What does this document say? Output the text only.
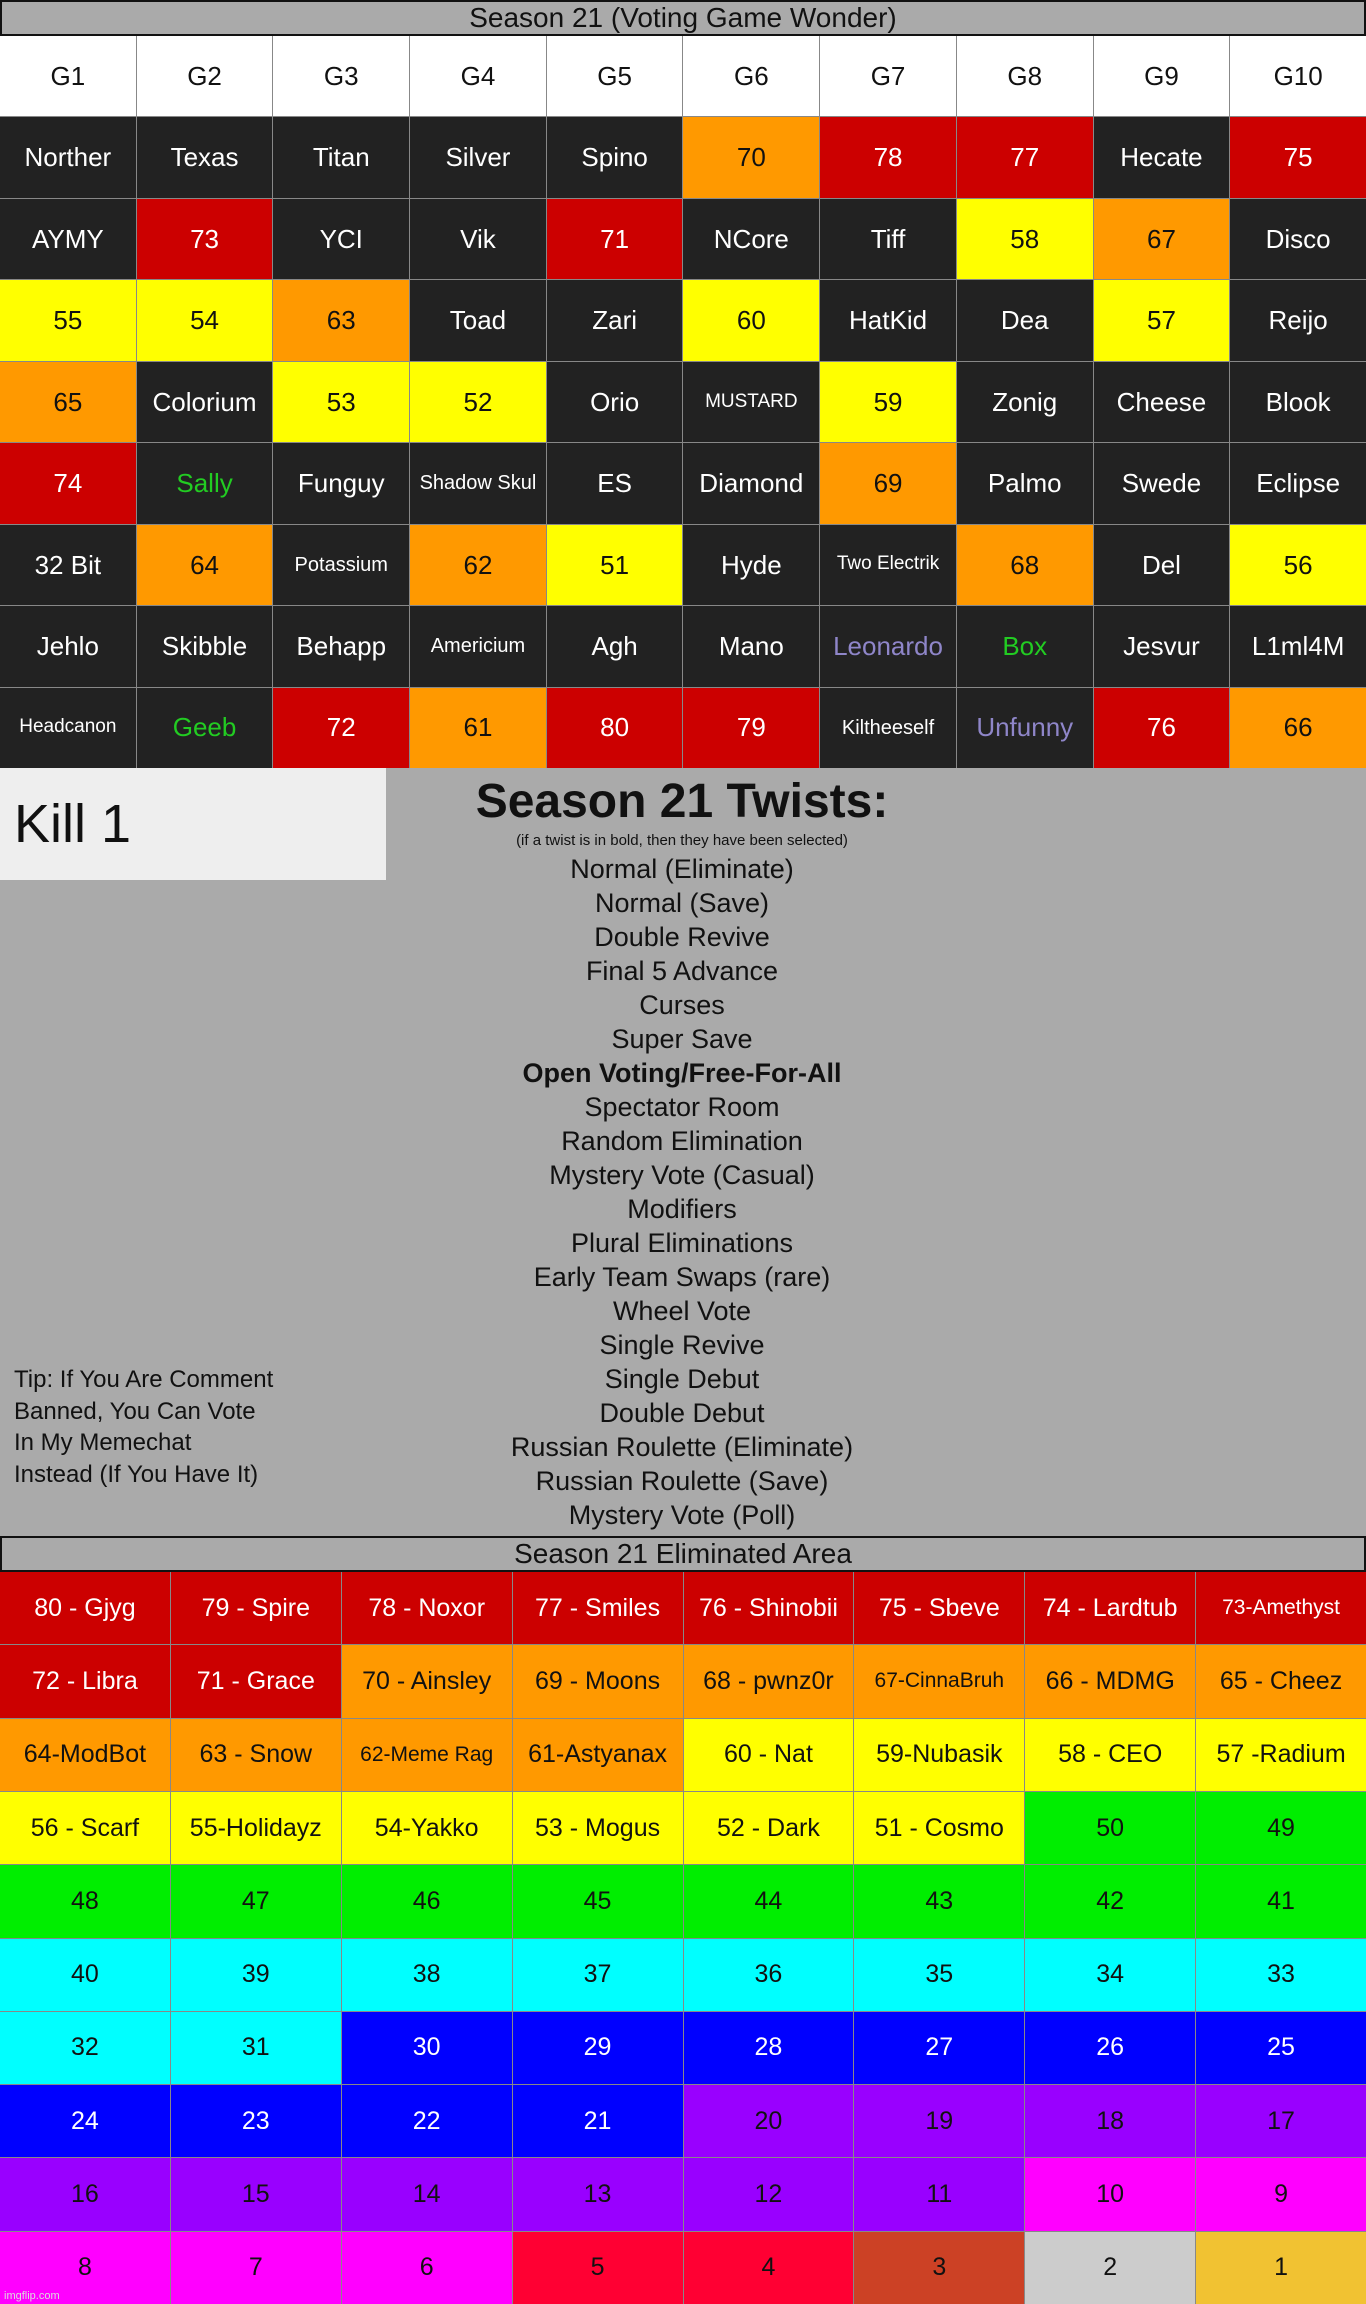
Season 21 (Voting Game Wonder)
G1	G2	G3	G4	G5	G6	G7	G8	G9	G10
Norther	Texas	Titan	Silver	Spino	70	78	77	Hecate	75
AYMY	73	YCI	Vik	71	NCore	Tiff	58	67	Disco
55	54	63	Toad	Zari	60	HatKid	Dea	57	Reijo
65	Colorium	53	52	Orio	MUSTARD	59	Zonig	Cheese	Blook
74	Sally	Funguy	Shadow Skul	ES	Diamond	69	Palmo	Swede	Eclipse
32 Bit	64	Potassium	62	51	Hyde	Two Electrik	68	Del	56
Jehlo	Skibble	Behapp	Americium	Agh	Mano	Leonardo	Box	Jesvur	L1ml4M
Headcanon	Geeb	72	61	80	79	Kiltheeself	Unfunny	76	66
Kill 1	Season 21 Twists:
(if a twist is in bold, then they have been selected)
Normal (Eliminate)
Normal (Save)
Double Revive
Final 5 Advance
Curses
Super Save
Open Voting/Free-For-All
Spectator Room
Random Elimination
Mystery Vote (Casual)
Modifiers
Plural Eliminations
Early Team Swaps (rare)
Wheel Vote
Single Revive
Single Debut
Double Debut
Russian Roulette (Eliminate)
Russian Roulette (Save)
Mystery Vote (Poll)
Tip: If You Are Comment Banned, You Can Vote In My Memechat Instead (If You Have It)
Season 21 Eliminated Area
80 - Gjyg	79 - Spire	78 - Noxor	77 - Smiles	76 - Shinobii	75 - Sbeve	74 - Lardtub	73-Amethyst
72 - Libra	71 - Grace	70 - Ainsley	69 - Moons	68 - pwnz0r	67-CinnaBruh	66 - MDMG	65 - Cheez
64-ModBot	63 - Snow	62-Meme Rag	61-Astyanax	60 - Nat	59-Nubasik	58 - CEO	57 -Radium
56 - Scarf	55-Holidayz	54-Yakko	53 - Mogus	52 - Dark	51 - Cosmo	50	49
48	47	46	45	44	43	42	41
40	39	38	37	36	35	34	33
32	31	30	29	28	27	26	25
24	23	22	21	20	19	18	17
16	15	14	13	12	11	10	9
8	7	6	5	4	3	2	1
imgflip.com
